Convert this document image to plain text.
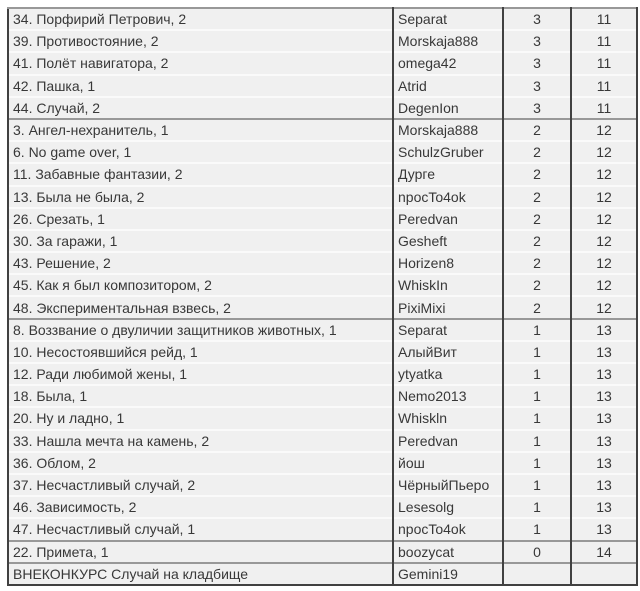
34. Порфирий Петрович, 2	Separat	3	11
39. Противостояние, 2	Morskaja888	3	11
41. Полёт навигатора, 2	omega42	3	11
42. Пашка, 1	Atrid	3	11
44. Случай, 2	DegenIon	3	11
3. Ангел-нехранитель, 1	Morskaja888	2	12
6. No game over, 1	SchulzGruber	2	12
11. Забавные фантазии, 2	Дурге	2	12
13. Была не была, 2	npocTo4ok	2	12
26. Срезать, 1	Peredvan	2	12
30. За гаражи, 1	Gesheft	2	12
43. Решение, 2	Horizen8	2	12
45. Как я был композитором, 2	WhiskIn	2	12
48. Экспериментальная взвесь, 2	PixiMixi	2	12
8. Воззвание о двуличии защитников животных, 1	Separat	1	13
10. Несостоявшийся рейд, 1	АлыйВит	1	13
12. Ради любимой жены, 1	ytyatka	1	13
18. Была, 1	Nemo2013	1	13
20. Ну и ладно, 1	Whiskln	1	13
33. Нашла мечта на камень, 2	Peredvan	1	13
36. Облом, 2	йош	1	13
37. Несчастливый случай, 2	ЧёрныйПьеро	1	13
46. Зависимость, 2	Lesesolg	1	13
47. Несчастливый случай, 1	npocTo4ok	1	13
22. Примета, 1	boozycat	0	14
ВНЕКОНКУРС Случай на кладбище	Gemini19		
